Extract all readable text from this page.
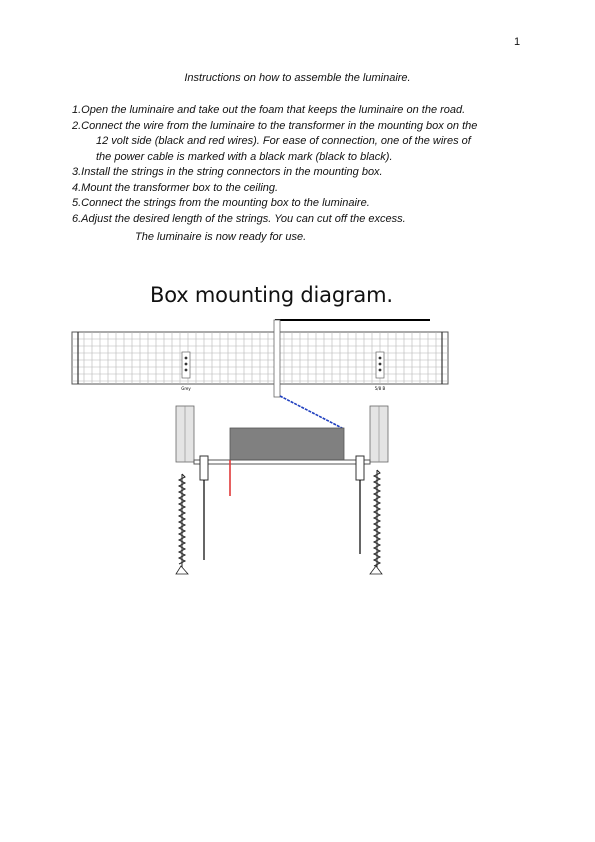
1
Instructions on how to assemble the luminaire.

1.Open the luminaire and take out the foam that keeps the luminaire on the road.

2.Connect the wire from the luminaire to the transformer in the mounting box on the
12 volt side (black and red wires). For ease of connection, one of the wires of
the power cable is marked with a black mark (black to black).

3.Install the strings in the string connectors in the mounting box.

4.Mount the transformer box to the ceiling.

5.Connect the strings from the mounting box to the luminaire.

6.Adjust the desired length of the strings. You can cut off the excess.

The luminaire is now ready for use.
Box mounting diagram.
Grey	5/8 B
